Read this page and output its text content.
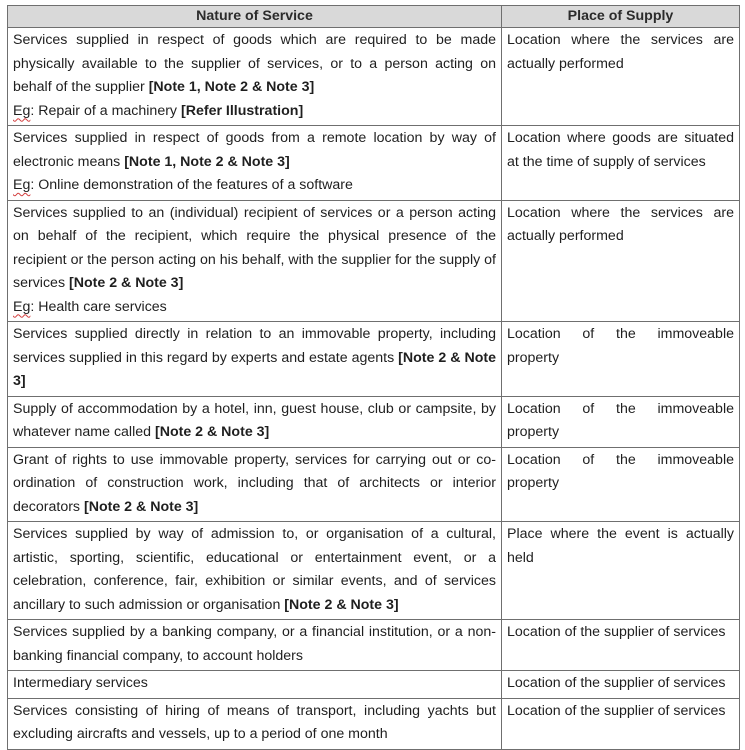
Nature of Service	Place of Supply
Services supplied in respect of goods which are required to be made physically available to the supplier of services, or to a person acting on behalf of the supplier [Note 1, Note 2 & Note 3]
Eg: Repair of a machinery [Refer Illustration]	Location where the services are actually performed
Services supplied in respect of goods from a remote location by way of electronic means [Note 1, Note 2 & Note 3]
Eg: Online demonstration of the features of a software	Location where goods are situated at the time of supply of services
Services supplied to an (individual) recipient of services or a person acting on behalf of the recipient, which require the physical presence of the recipient or the person acting on his behalf, with the supplier for the supply of services [Note 2 & Note 3]
Eg: Health care services	Location where the services are actually performed
Services supplied directly in relation to an immovable property, including services supplied in this regard by experts and estate agents [Note 2 & Note 3]	Location of the immoveable property
Supply of accommodation by a hotel, inn, guest house, club or campsite, by whatever name called [Note 2 & Note 3]	Location of the immoveable property
Grant of rights to use immovable property, services for carrying out or co-ordination of construction work, including that of architects or interior decorators [Note 2 & Note 3]	Location of the immoveable property
Services supplied by way of admission to, or organisation of a cultural, artistic, sporting, scientific, educational or entertainment event, or a celebration, conference, fair, exhibition or similar events, and of services ancillary to such admission or organisation [Note 2 & Note 3]	Place where the event is actually held
Services supplied by a banking company, or a financial institution, or a non-banking financial company, to account holders	Location of the supplier of services
Intermediary services	Location of the supplier of services
Services consisting of hiring of means of transport, including yachts but excluding aircrafts and vessels, up to a period of one month	Location of the supplier of services
